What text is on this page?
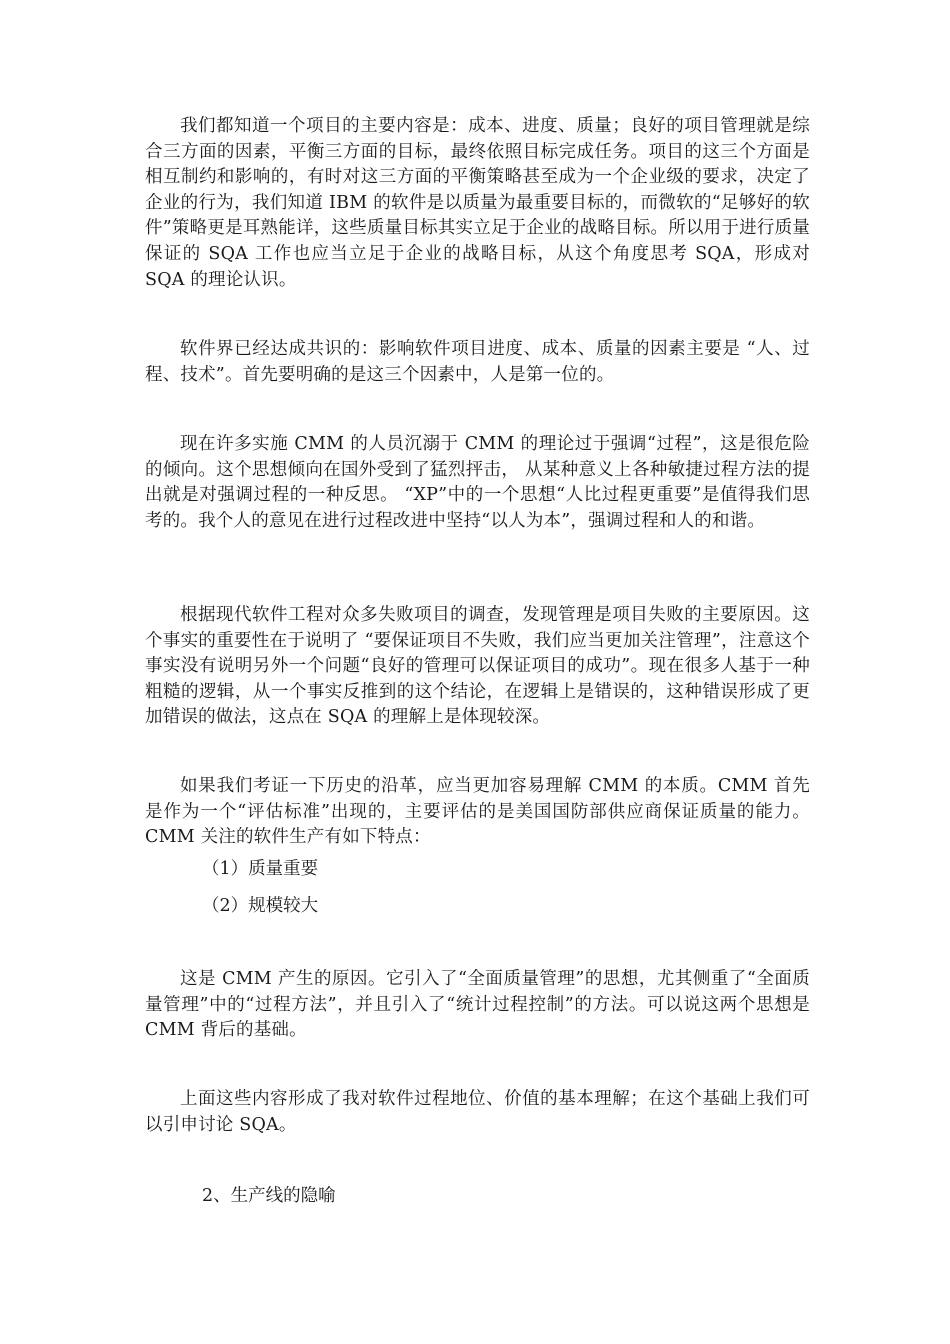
我们都知道一个项目的主要内容是：成本、进度、质量；良好的项目管理就是综合三方面的因素，平衡三方面的目标，最终依照目标完成任务。项目的这三个方面是相互制约和影响的，有时对这三方面的平衡策略甚至成为一个企业级的要求，决定了企业的行为，我们知道 IBM 的软件是以质量为最重要目标的，而微软的“足够好的软件”策略更是耳熟能详，这些质量目标其实立足于企业的战略目标。所以用于进行质量保证的 SQA 工作也应当立足于企业的战略目标，从这个角度思考 SQA，形成对 SQA 的理论认识。

软件界已经达成共识的：影响软件项目进度、成本、质量的因素主要是 “人、过程、技术”。首先要明确的是这三个因素中，人是第一位的。

现在许多实施 CMM 的人员沉溺于 CMM 的理论过于强调“过程”，这是很危险的倾向。这个思想倾向在国外受到了猛烈抨击， 从某种意义上各种敏捷过程方法的提出就是对强调过程的一种反思。 “XP”中的一个思想“人比过程更重要”是值得我们思考的。我个人的意见在进行过程改进中坚持“以人为本”，强调过程和人的和谐。

根据现代软件工程对众多失败项目的调查，发现管理是项目失败的主要原因。这个事实的重要性在于说明了 “要保证项目不失败，我们应当更加关注管理”，注意这个事实没有说明另外一个问题“良好的管理可以保证项目的成功”。现在很多人基于一种粗糙的逻辑，从一个事实反推到的这个结论，在逻辑上是错误的，这种错误形成了更加错误的做法，这点在 SQA 的理解上是体现较深。

如果我们考证一下历史的沿革，应当更加容易理解 CMM 的本质。CMM 首先是作为一个“评估标准”出现的，主要评估的是美国国防部供应商保证质量的能力。CMM 关注的软件生产有如下特点：

（1）质量重要

（2）规模较大

这是 CMM 产生的原因。它引入了“全面质量管理”的思想，尤其侧重了“全面质量管理”中的“过程方法”，并且引入了“统计过程控制”的方法。可以说这两个思想是 CMM 背后的基础。

上面这些内容形成了我对软件过程地位、价值的基本理解；在这个基础上我们可以引申讨论 SQA。

2、生产线的隐喻
